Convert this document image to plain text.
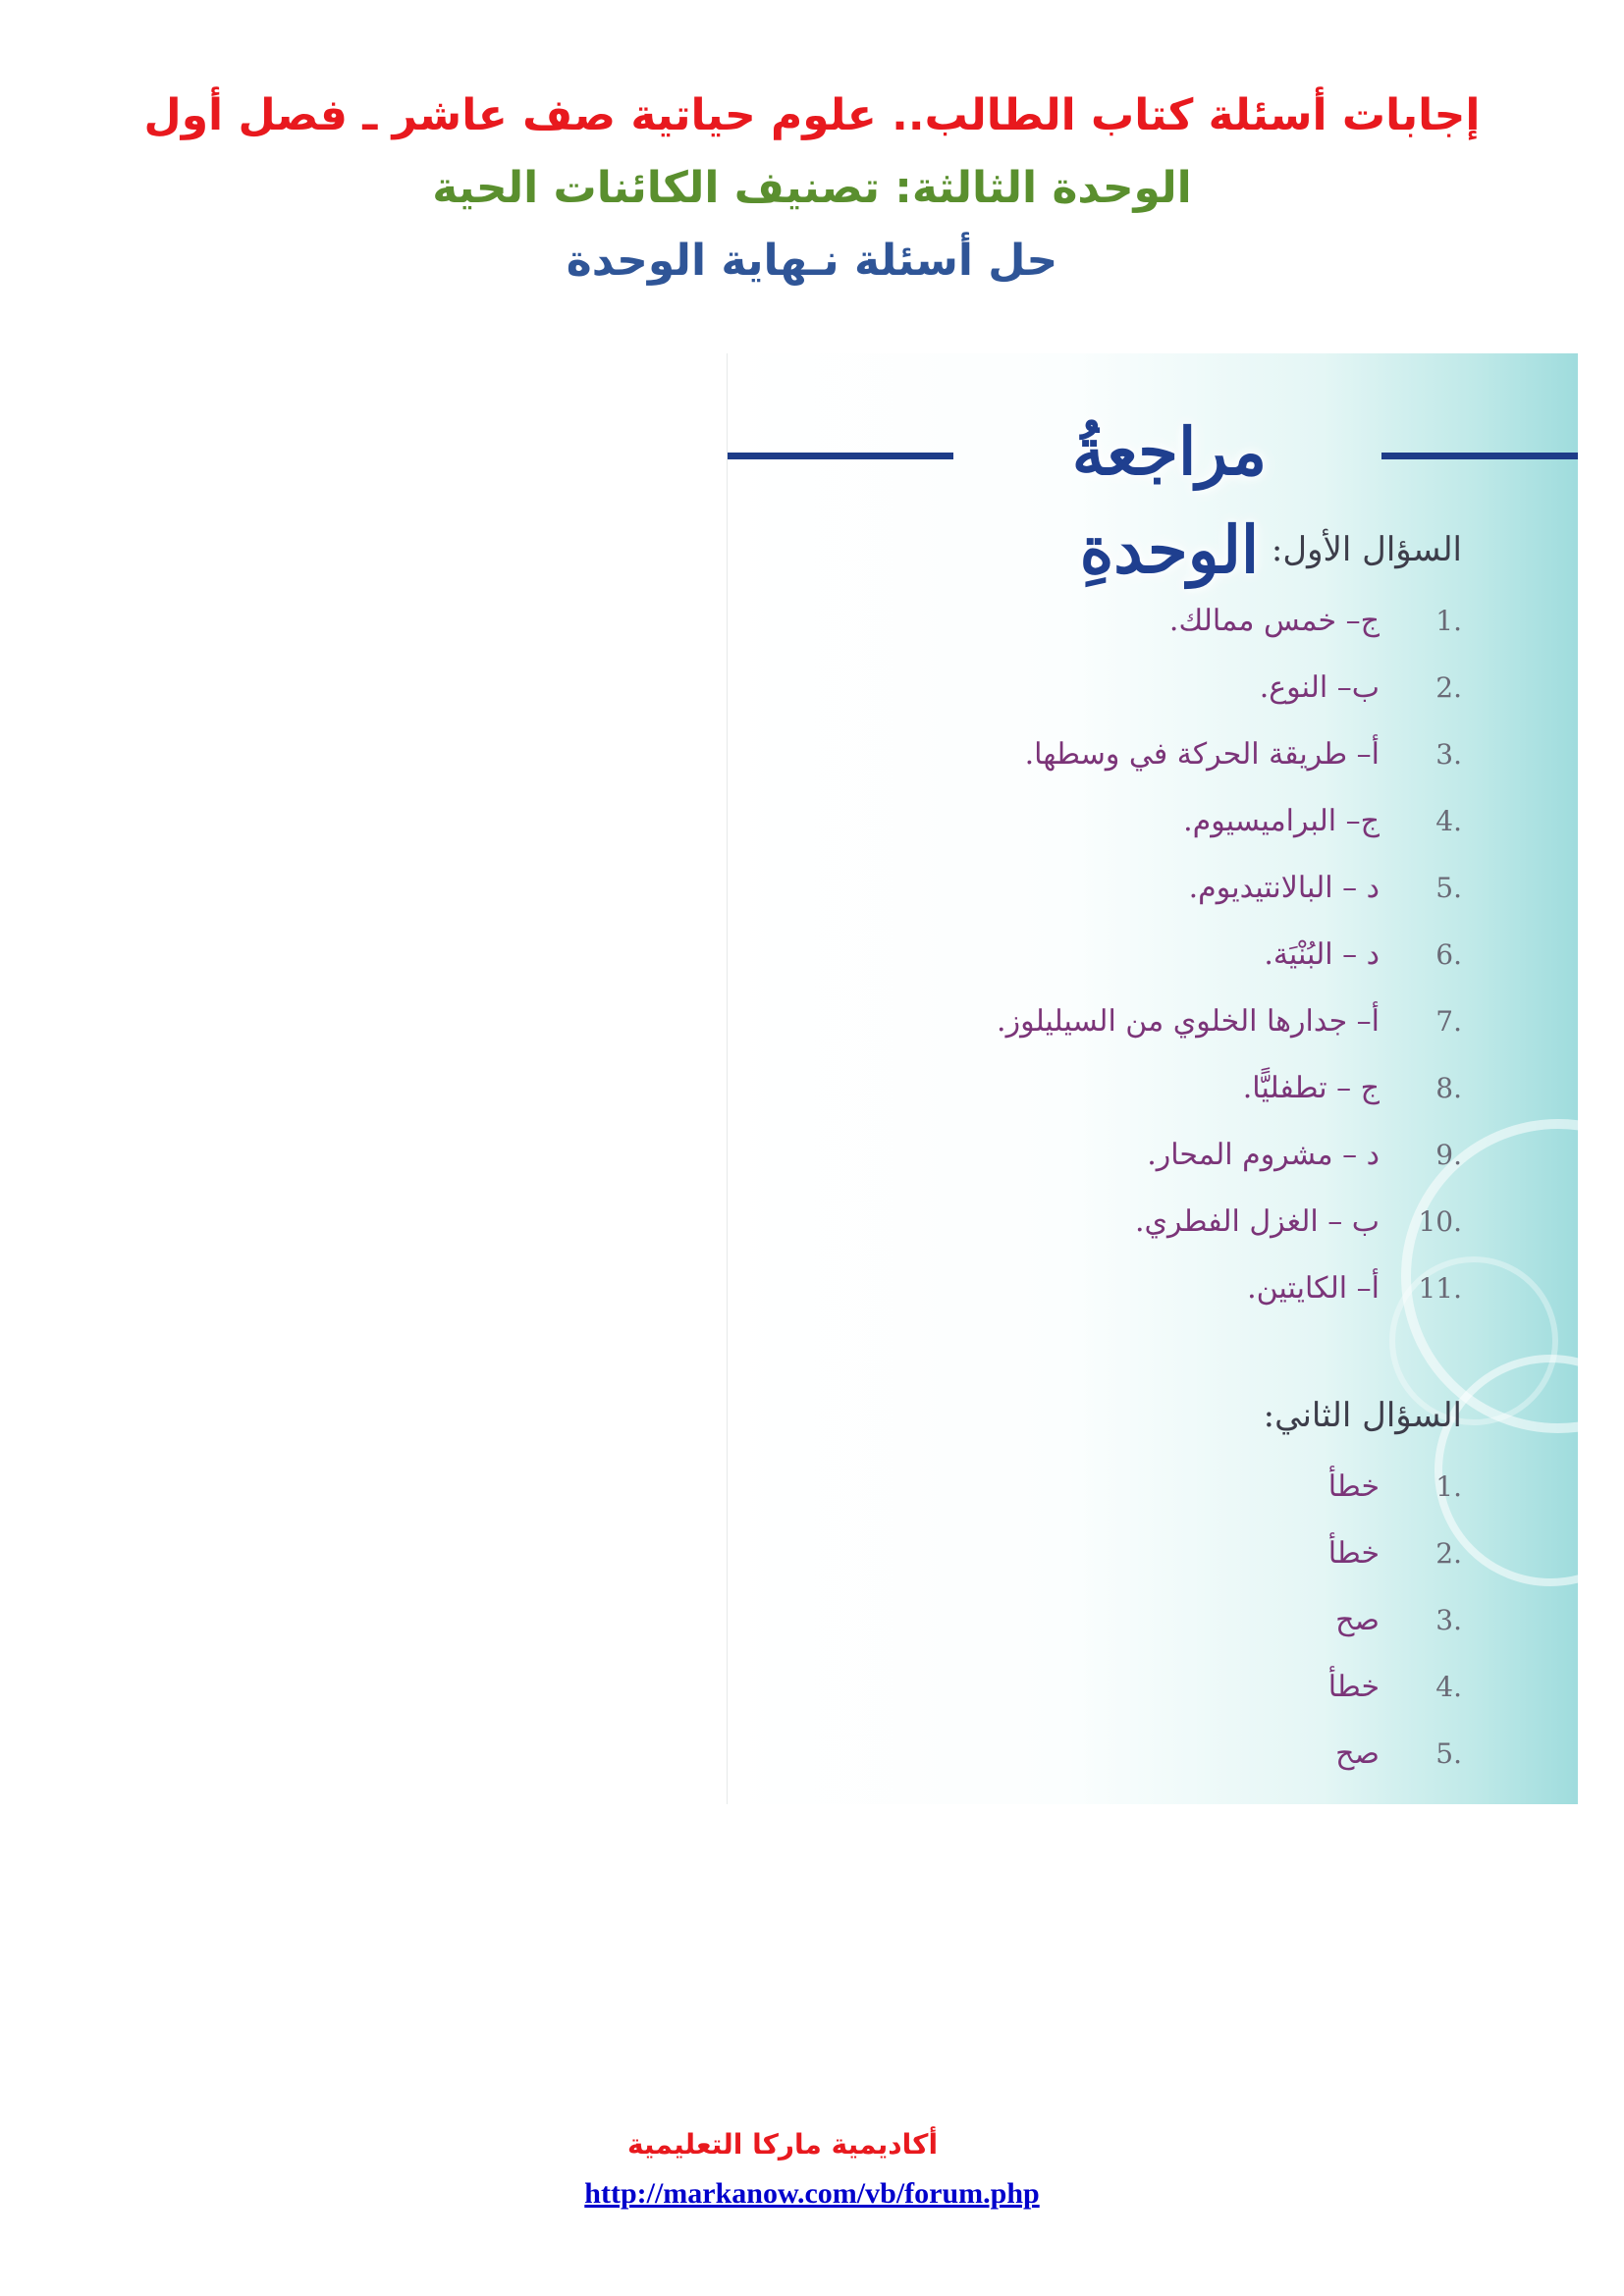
إجابات أسئلة كتاب الطالب.. علوم حياتية صف عاشر ـ فصل أول
الوحدة الثالثة: تصنيف الكائنات الحية
حل أسئلة نـهاية الوحدة
مراجعةُ الوحدةِ السؤال الأول:
1.
ج– خمس ممالك.
2.
ب– النوع.
3.
أ– طريقة الحركة في وسطها.
4.
ج– البراميسيوم.
5.
د – البالانتيديوم.
6.
د – البُنْيَة.
7.
أ– جدارها الخلوي من السيليلوز.
8.
ج – تطفليًّا.
9.
د – مشروم المحار.
10.
ب – الغزل الفطري.
11.
أ– الكايتين.
السؤال الثاني:
1.
خطأ
2.
خطأ
3.
صح
4.
خطأ
5.
صح
أكاديمية ماركا التعليمية
http://markanow.com/vb/forum.php
